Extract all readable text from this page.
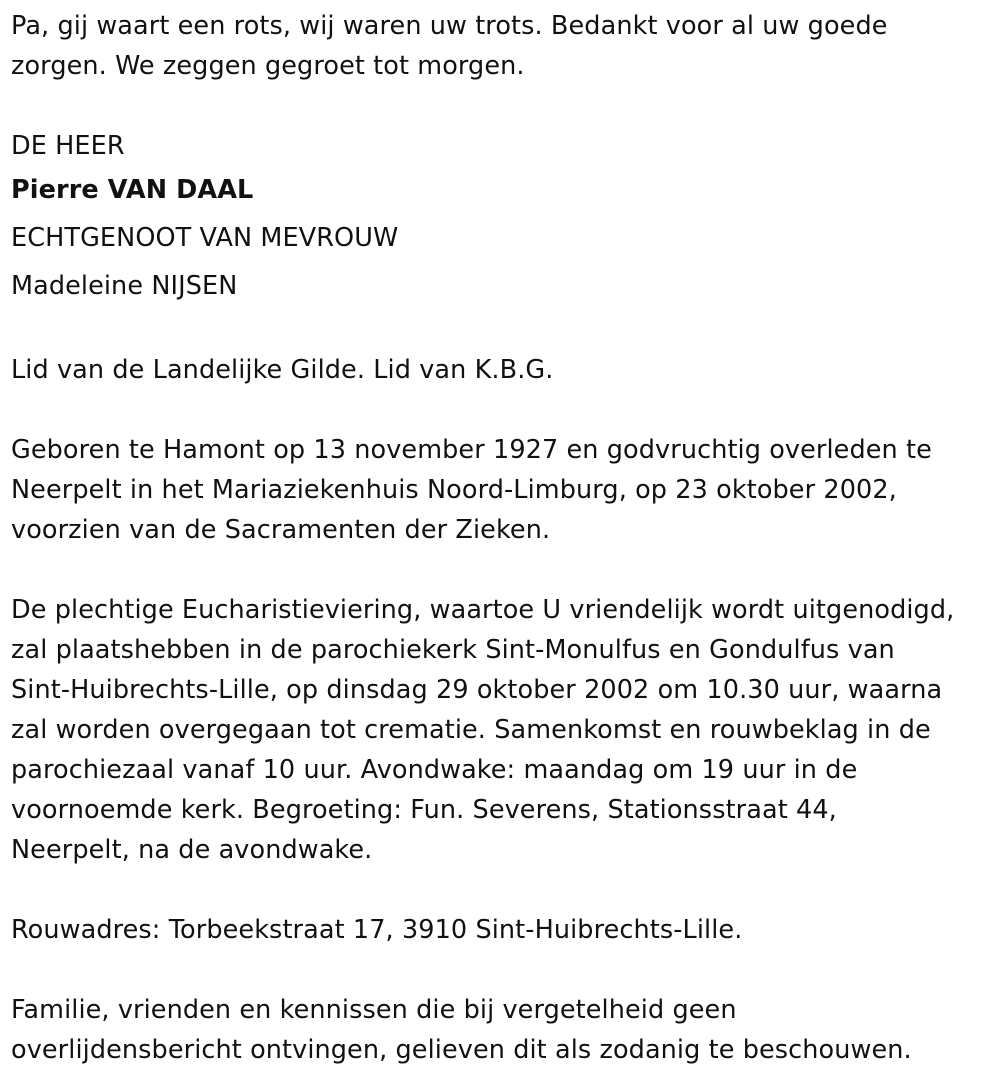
Pa, gij waart een rots, wij waren uw trots. Bedankt voor al uw goede

zorgen. We zeggen gegroet tot morgen.

DE HEER

Pierre VAN DAAL

ECHTGENOOT VAN MEVROUW

Madeleine NIJSEN

Lid van de Landelijke Gilde. Lid van K.B.G.

Geboren te Hamont op 13 november 1927 en godvruchtig overleden te

Neerpelt in het Mariaziekenhuis Noord-Limburg, op 23 oktober 2002,

voorzien van de Sacramenten der Zieken.

De plechtige Eucharistieviering, waartoe U vriendelijk wordt uitgenodigd,

zal plaatshebben in de parochiekerk Sint-Monulfus en Gondulfus van

Sint-Huibrechts-Lille, op dinsdag 29 oktober 2002 om 10.30 uur, waarna

zal worden overgegaan tot crematie. Samenkomst en rouwbeklag in de

parochiezaal vanaf 10 uur. Avondwake: maandag om 19 uur in de

voornoemde kerk. Begroeting: Fun. Severens, Stationsstraat 44,

Neerpelt, na de avondwake.

Rouwadres: Torbeekstraat 17, 3910 Sint-Huibrechts-Lille.

Familie, vrienden en kennissen die bij vergetelheid geen

overlijdensbericht ontvingen, gelieven dit als zodanig te beschouwen.
